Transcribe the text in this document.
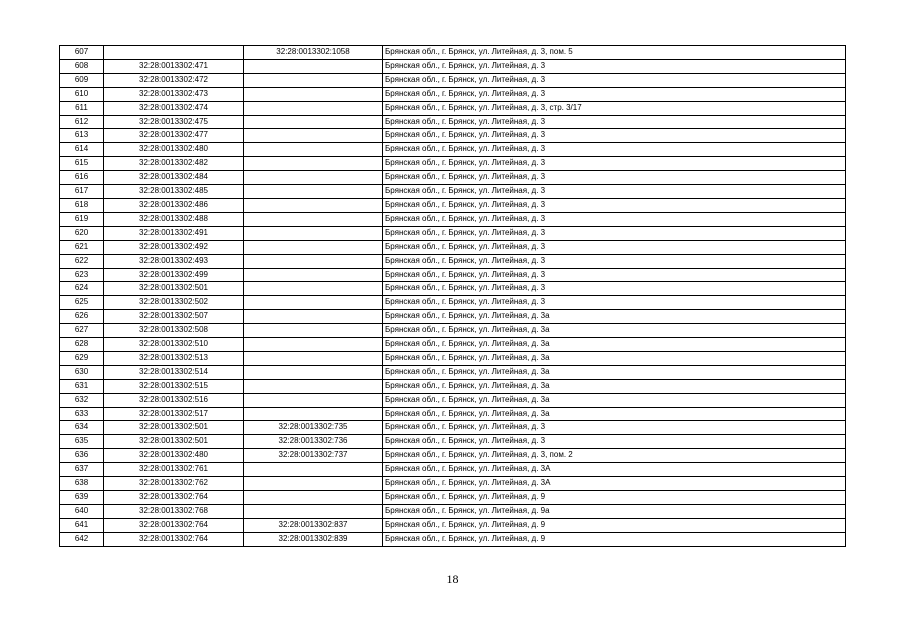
607		32:28:0013302:1058	Брянская обл., г. Брянск, ул. Литейная, д. 3, пом. 5
608	32:28:0013302:471		Брянская обл., г. Брянск, ул. Литейная, д. 3
609	32:28:0013302:472		Брянская обл., г. Брянск, ул. Литейная, д. 3
610	32:28:0013302:473		Брянская обл., г. Брянск, ул. Литейная, д. 3
611	32:28:0013302:474		Брянская обл., г. Брянск, ул. Литейная, д. 3, стр. 3/17
612	32:28:0013302:475		Брянская обл., г. Брянск, ул. Литейная, д. 3
613	32:28:0013302:477		Брянская обл., г. Брянск, ул. Литейная, д. 3
614	32:28:0013302:480		Брянская обл., г. Брянск, ул. Литейная, д. 3
615	32:28:0013302:482		Брянская обл., г. Брянск, ул. Литейная, д. 3
616	32:28:0013302:484		Брянская обл., г. Брянск, ул. Литейная, д. 3
617	32:28:0013302:485		Брянская обл., г. Брянск, ул. Литейная, д. 3
618	32:28:0013302:486		Брянская обл., г. Брянск, ул. Литейная, д. 3
619	32:28:0013302:488		Брянская обл., г. Брянск, ул. Литейная, д. 3
620	32:28:0013302:491		Брянская обл., г. Брянск, ул. Литейная, д. 3
621	32:28:0013302:492		Брянская обл., г. Брянск, ул. Литейная, д. 3
622	32:28:0013302:493		Брянская обл., г. Брянск, ул. Литейная, д. 3
623	32:28:0013302:499		Брянская обл., г. Брянск, ул. Литейная, д. 3
624	32:28:0013302:501		Брянская обл., г. Брянск, ул. Литейная, д. 3
625	32:28:0013302:502		Брянская обл., г. Брянск, ул. Литейная, д. 3
626	32:28:0013302:507		Брянская обл., г. Брянск, ул. Литейная, д. 3а
627	32:28:0013302:508		Брянская обл., г. Брянск, ул. Литейная, д. 3а
628	32:28:0013302:510		Брянская обл., г. Брянск, ул. Литейная, д. 3а
629	32:28:0013302:513		Брянская обл., г. Брянск, ул. Литейная, д. 3а
630	32:28:0013302:514		Брянская обл., г. Брянск, ул. Литейная, д. 3а
631	32:28:0013302:515		Брянская обл., г. Брянск, ул. Литейная, д. 3а
632	32:28:0013302:516		Брянская обл., г. Брянск, ул. Литейная, д. 3а
633	32:28:0013302:517		Брянская обл., г. Брянск, ул. Литейная, д. 3а
634	32:28:0013302:501	32:28:0013302:735	Брянская обл., г. Брянск, ул. Литейная, д. 3
635	32:28:0013302:501	32:28:0013302:736	Брянская обл., г. Брянск, ул. Литейная, д. 3
636	32:28:0013302:480	32:28:0013302:737	Брянская обл., г. Брянск, ул. Литейная, д. 3, пом. 2
637	32:28:0013302:761		Брянская обл., г. Брянск, ул. Литейная, д. 3А
638	32:28:0013302:762		Брянская обл., г. Брянск, ул. Литейная, д. 3А
639	32:28:0013302:764		Брянская обл., г. Брянск, ул. Литейная, д. 9
640	32:28:0013302:768		Брянская обл., г. Брянск, ул. Литейная, д. 9а
641	32:28:0013302:764	32:28:0013302:837	Брянская обл., г. Брянск, ул. Литейная, д. 9
642	32:28:0013302:764	32:28:0013302:839	Брянская обл., г. Брянск, ул. Литейная, д. 9
18
